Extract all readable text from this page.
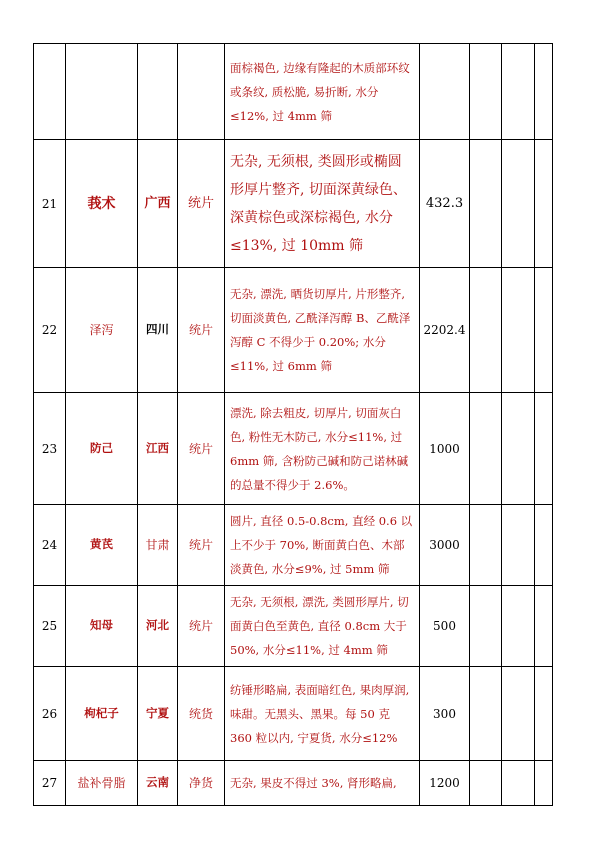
				面棕褐色, 边缘有隆起的木质部环纹或条纹, 质松脆, 易折断, 水分≤12%, 过 4mm 筛				
21	莪术	广西	统片	无杂, 无须根, 类圆形或椭圆形厚片整齐, 切面深黄绿色、深黄棕色或深棕褐色, 水分≤13%, 过 10mm 筛	432.3			
22	泽泻	四川	统片	无杂, 漂洗, 晒货切厚片, 片形整齐, 切面淡黄色, 乙酰泽泻醇 B、乙酰泽泻醇 C 不得少于 0.20%; 水分≤11%, 过 6mm 筛	2202.4			
23	防己	江西	统片	漂洗, 除去粗皮, 切厚片, 切面灰白色, 粉性无木防己, 水分≤11%, 过 6mm 筛, 含粉防己碱和防己诺林碱的总量不得少于 2.6%。	1000			
24	黄芪	甘肃	统片	圆片, 直径 0.5-0.8cm, 直经 0.6 以上不少于 70%, 断面黄白色、木部淡黄色, 水分≤9%, 过 5mm 筛	3000			
25	知母	河北	统片	无杂, 无须根, 漂洗, 类圆形厚片, 切面黄白色至黄色, 直径 0.8cm 大于 50%, 水分≤11%, 过 4mm 筛	500			
26	枸杞子	宁夏	统货	纺锤形略扁, 表面暗红色, 果肉厚润, 味甜。无黑头、黑果。每 50 克 360 粒以内, 宁夏货, 水分≤12%	300			
27	盐补骨脂	云南	净货	无杂, 果皮不得过 3%, 肾形略扁,	1200			
